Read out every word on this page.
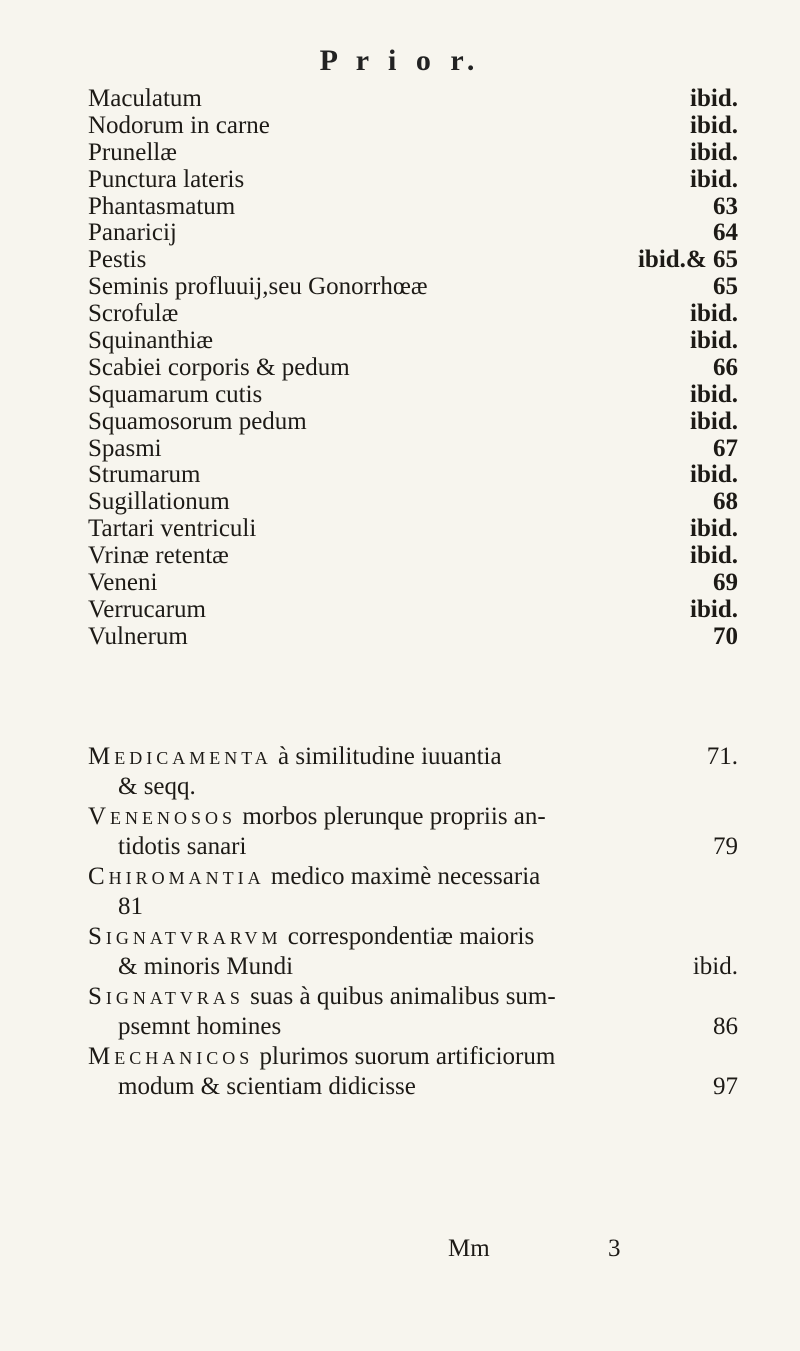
P r i o r.
Maculatum	ibid.
Nodorum in carne	ibid.
Prunellæ	ibid.
Punctura lateris	ibid.
Phantasmatum	63
Panaricij	64
Pestis	ibid.& 65
Seminis profluuij,seu Gonorrhœæ	65
Scrofulæ	ibid.
Squinanthiæ	ibid.
Scabiei corporis & pedum	66
Squamarum cutis	ibid.
Squamosorum pedum	ibid.
Spasmi	67
Strumarum	ibid.
Sugillationum	68
Tartari ventriculi	ibid.
Vrinæ retentæ	ibid.
Veneni	69
Verrucarum	ibid.
Vulnerum	70
Medicamenta à similitudine iuuantia	71.
& seqq.
Venenosos morbos plerunque propriis an-
tidotis sanari	79
Chiromantia medico maximè necessaria
81
Signatvrarvm correspondentiæ maioris
& minoris Mundi	ibid.
Signatvras suas à quibus animalibus sum-
psemnt homines	86
Mechanicos plurimos suorum artificiorum
modum & scientiam didicisse	97
Mm	3
